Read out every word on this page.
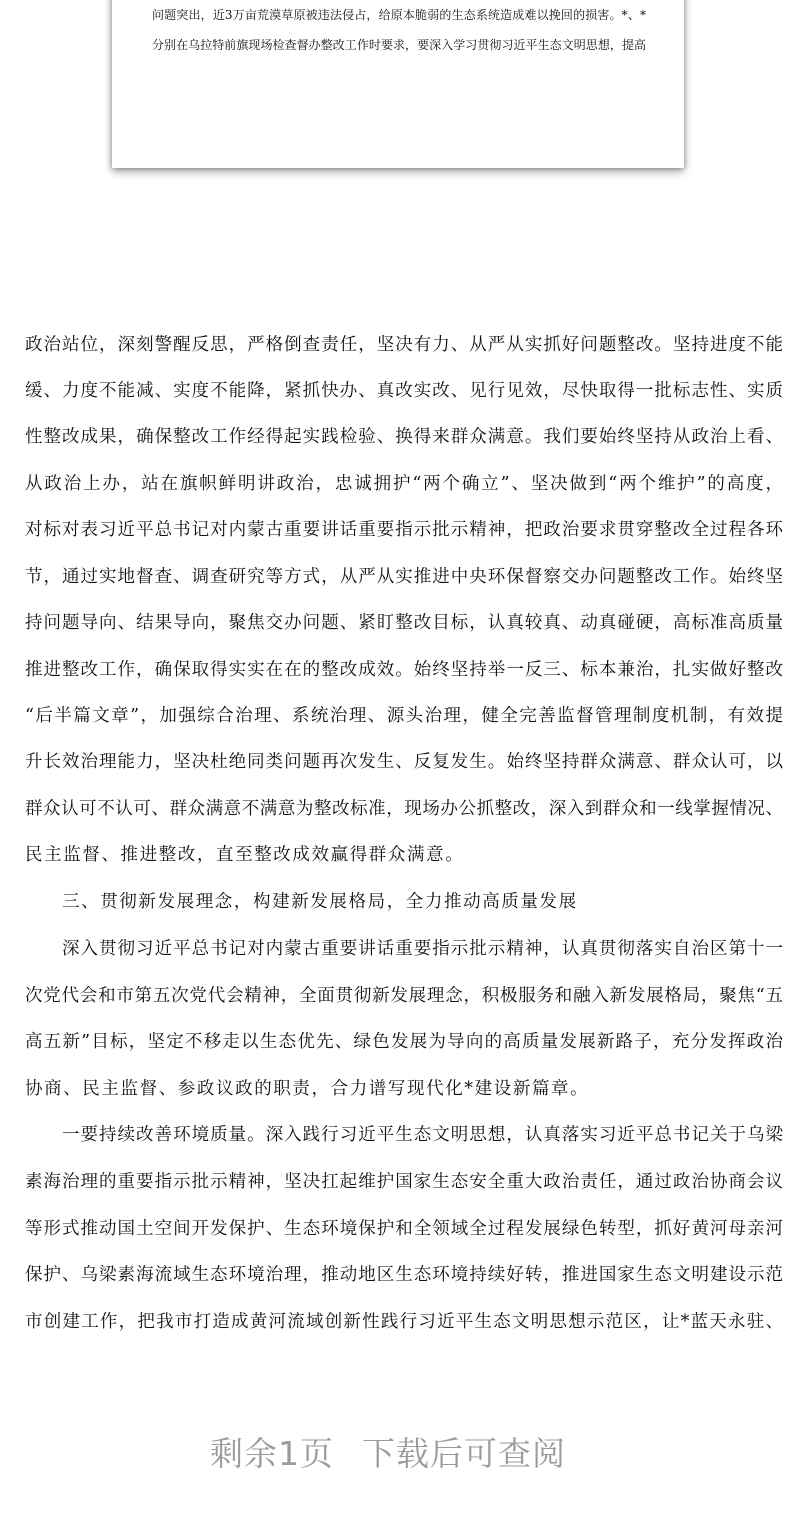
问题突出，近3万亩荒漠草原被违法侵占，给原本脆弱的生态系统造成难以挽回的损害。*、*
分别在乌拉特前旗现场检查督办整改工作时要求，要深入学习贯彻习近平生态文明思想，提高
政治站位，深刻警醒反思，严格倒查责任，坚决有力、从严从实抓好问题整改。坚持进度不能
缓、力度不能减、实度不能降，紧抓快办、真改实改、见行见效，尽快取得一批标志性、实质
性整改成果，确保整改工作经得起实践检验、换得来群众满意。我们要始终坚持从政治上看、
从政治上办，站在旗帜鲜明讲政治，忠诚拥护“两个确立”、坚决做到“两个维护”的高度，
对标对表习近平总书记对内蒙古重要讲话重要指示批示精神，把政治要求贯穿整改全过程各环
节，通过实地督查、调查研究等方式，从严从实推进中央环保督察交办问题整改工作。始终坚
持问题导向、结果导向，聚焦交办问题、紧盯整改目标，认真较真、动真碰硬，高标准高质量
推进整改工作，确保取得实实在在的整改成效。始终坚持举一反三、标本兼治，扎实做好整改
“后半篇文章”，加强综合治理、系统治理、源头治理，健全完善监督管理制度机制，有效提
升长效治理能力，坚决杜绝同类问题再次发生、反复发生。始终坚持群众满意、群众认可，以
群众认可不认可、群众满意不满意为整改标准，现场办公抓整改，深入到群众和一线掌握情况、
民主监督、推进整改，直至整改成效赢得群众满意。
三、贯彻新发展理念，构建新发展格局，全力推动高质量发展
深入贯彻习近平总书记对内蒙古重要讲话重要指示批示精神，认真贯彻落实自治区第十一
次党代会和市第五次党代会精神，全面贯彻新发展理念，积极服务和融入新发展格局，聚焦“五
高五新”目标，坚定不移走以生态优先、绿色发展为导向的高质量发展新路子，充分发挥政治
协商、民主监督、参政议政的职责，合力谱写现代化*建设新篇章。
一要持续改善环境质量。深入践行习近平生态文明思想，认真落实习近平总书记关于乌梁
素海治理的重要指示批示精神，坚决扛起维护国家生态安全重大政治责任，通过政治协商会议
等形式推动国土空间开发保护、生态环境保护和全领域全过程发展绿色转型，抓好黄河母亲河
保护、乌梁素海流域生态环境治理，推动地区生态环境持续好转，推进国家生态文明建设示范
市创建工作，把我市打造成黄河流域创新性践行习近平生态文明思想示范区，让*蓝天永驻、
剩余1页 下载后可查阅
